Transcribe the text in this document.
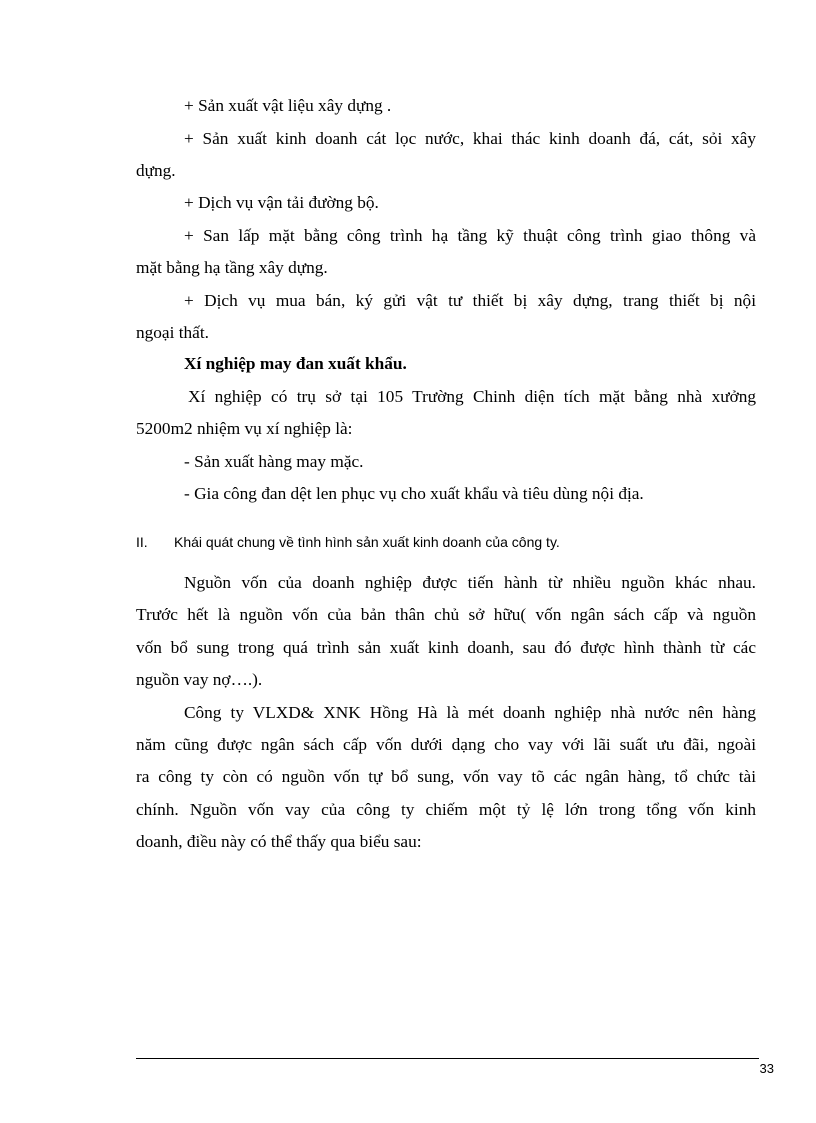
+ Sản xuất vật liệu xây dựng .
+ Sản xuất kinh doanh cát lọc nước, khai thác kinh doanh đá, cát, sỏi xây
dựng.
+ Dịch vụ vận tải đường bộ.
+ San lấp mặt bằng công trình hạ tầng kỹ thuật công trình giao thông và
mặt bằng hạ tầng xây dựng.
+ Dịch vụ mua bán, ký gửi vật tư thiết bị xây dựng, trang thiết bị nội
ngoại thất.
Xí nghiệp may đan xuất khẩu.
Xí nghiệp có trụ sở tại 105 Trường Chinh diện tích mặt bằng nhà xưởng
5200m2 nhiệm vụ xí nghiệp là:
- Sản xuất hàng may mặc.
- Gia công đan dệt len phục vụ cho xuất khẩu và tiêu dùng nội địa.
II. Khái quát chung về tình hình sản xuất kinh doanh của công ty.
Nguồn vốn của doanh nghiệp được tiến hành từ nhiều nguồn khác nhau.
Trước hết là nguồn vốn của bản thân chủ sở hữu( vốn ngân sách cấp và nguồn
vốn bổ sung trong quá trình sản xuất kinh doanh, sau đó được hình thành từ các
nguồn vay nợ….).
Công ty VLXD& XNK Hồng Hà là mét doanh nghiệp nhà nước nên hàng
năm cũng được ngân sách cấp vốn dưới dạng cho vay với lãi suất ưu đãi, ngoài
ra công ty còn có nguồn vốn tự bổ sung, vốn vay tõ các ngân hàng, tổ chức tài
chính. Nguồn vốn vay của công ty chiếm một tỷ lệ lớn trong tổng vốn kinh
doanh, điều này có thể thấy qua biểu sau:
33
